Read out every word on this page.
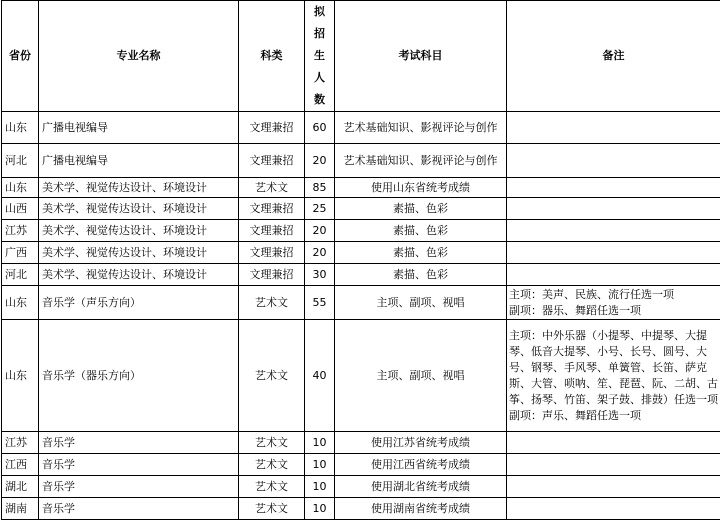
省份	专业名称	科类	拟
招
生
人
数	考试科目	备注
山东	广播电视编导	文理兼招	60	艺术基础知识、影视评论与创作	
河北	广播电视编导	文理兼招	20	艺术基础知识、影视评论与创作	
山东	美术学、视觉传达设计、环境设计	艺术文	85	使用山东省统考成绩	
山西	美术学、视觉传达设计、环境设计	文理兼招	25	素描、色彩	
江苏	美术学、视觉传达设计、环境设计	文理兼招	20	素描、色彩	
广西	美术学、视觉传达设计、环境设计	文理兼招	20	素描、色彩	
河北	美术学、视觉传达设计、环境设计	文理兼招	30	素描、色彩	
山东	音乐学（声乐方向）	艺术文	55	主项、副项、视唱	主项：美声、民族、流行任选一项
副项：器乐、舞蹈任选一项
山东	音乐学（器乐方向）	艺术文	40	主项、副项、视唱	主项：中外乐器（小提琴、中提琴、大提琴、低音大提琴、小号、长号、圆号、大号、钢琴、手风琴、单簧管、长笛、萨克斯、大管、唢呐、笙、琵琶、阮、二胡、古筝、扬琴、竹笛、架子鼓、排鼓）任选一项
副项：声乐、舞蹈任选一项
江苏	音乐学	艺术文	10	使用江苏省统考成绩	
江西	音乐学	艺术文	10	使用江西省统考成绩	
湖北	音乐学	艺术文	10	使用湖北省统考成绩	
湖南	音乐学	艺术文	10	使用湖南省统考成绩	
